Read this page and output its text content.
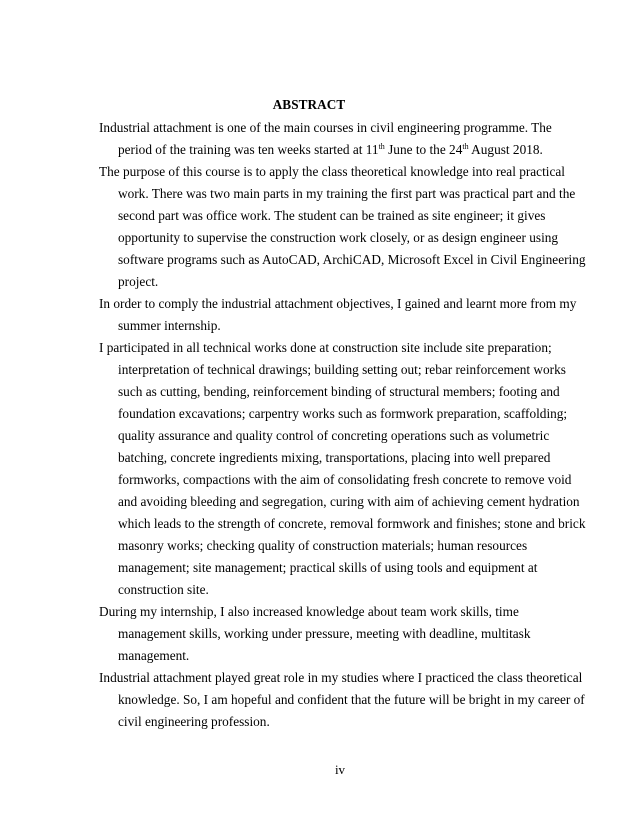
ABSTRACT

Industrial attachment is one of the main courses in civil engineering programme. The period of the training was ten weeks started at 11th June to the 24th August 2018.

The purpose of this course is to apply the class theoretical knowledge into real practical work. There was two main parts in my training the first part was practical part and the second part was office work. The student can be trained as site engineer; it gives opportunity to supervise the construction work closely, or as design engineer using software programs such as AutoCAD, ArchiCAD, Microsoft Excel in Civil Engineering project.

In order to comply the industrial attachment objectives, I gained and learnt more from my summer internship.

I participated in all technical works done at construction site include site preparation; interpretation of technical drawings; building setting out; rebar reinforcement works such as cutting, bending, reinforcement binding of structural members; footing and foundation excavations; carpentry works such as formwork preparation, scaffolding; quality assurance and quality control of concreting operations such as volumetric batching, concrete ingredients mixing, transportations, placing into well prepared formworks, compactions with the aim of consolidating fresh concrete to remove void and avoiding bleeding and segregation, curing with aim of achieving cement hydration which leads to the strength of concrete, removal formwork and finishes; stone and brick masonry works; checking quality of construction materials; human resources management; site management; practical skills of using tools and equipment at construction site.

During my internship, I also increased knowledge about team work skills, time management skills, working under pressure, meeting with deadline, multitask management.

Industrial attachment played great role in my studies where I practiced the class theoretical knowledge. So, I am hopeful and confident that the future will be bright in my career of civil engineering profession.

iv
